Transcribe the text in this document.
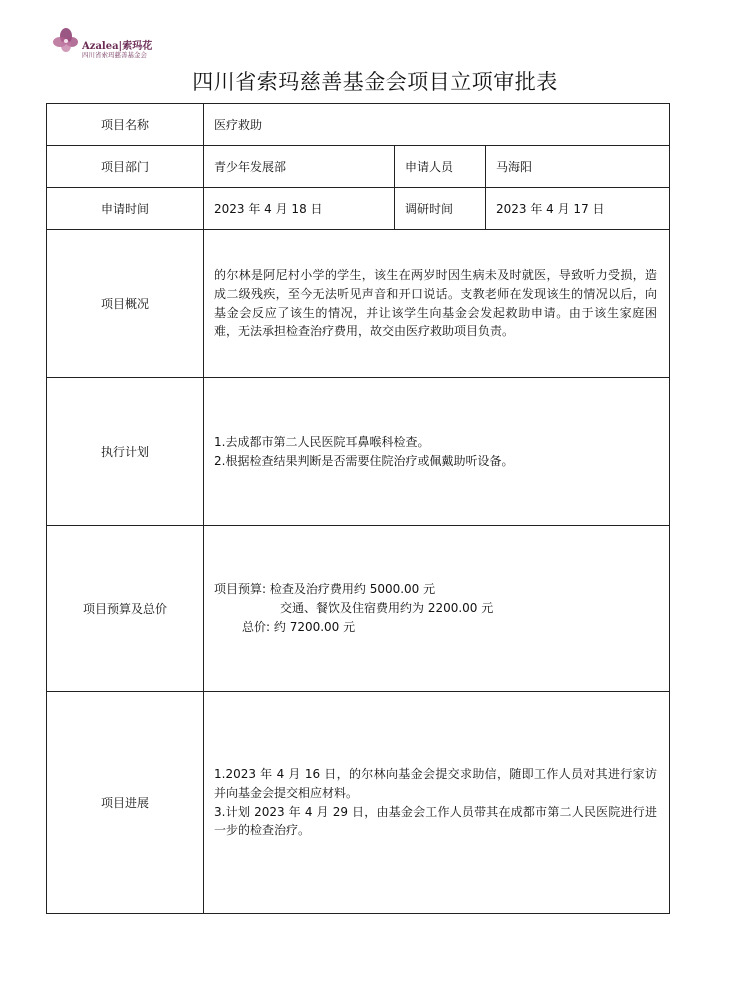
Azalea|索玛花
四川省索玛慈善基金会
四川省索玛慈善基金会项目立项审批表
项目名称	医疗救助		
项目部门	青少年发展部	申请人员	马海阳
申请时间	2023 年 4 月 18 日	调研时间	2023 年 4 月 17 日
项目概况	的尔林是阿尼村小学的学生，该生在两岁时因生病未及时就医，导致听力受损，造成二级残疾，至今无法听见声音和开口说话。支教老师在发现该生的情况以后，向基金会反应了该生的情况，并让该学生向基金会发起救助申请。由于该生家庭困难，无法承担检查治疗费用，故交由医疗救助项目负责。		

执行计划	1.去成都市第二人民医院耳鼻喉科检查。

2.根据检查结果判断是否需要住院治疗或佩戴助听设备。		

项目预算及总价	项目预算: 检查及治疗费用约 5000.00 元
交通、餐饮及住宿费用约为 2200.00 元
总价: 约 7200.00 元		

项目进展	1.2023 年 4 月 16 日，的尔林向基金会提交求助信，随即工作人员对其进行家访并向基金会提交相应材料。

3.计划 2023 年 4 月 29 日，由基金会工作人员带其在成都市第二人民医院进行进一步的检查治疗。		
